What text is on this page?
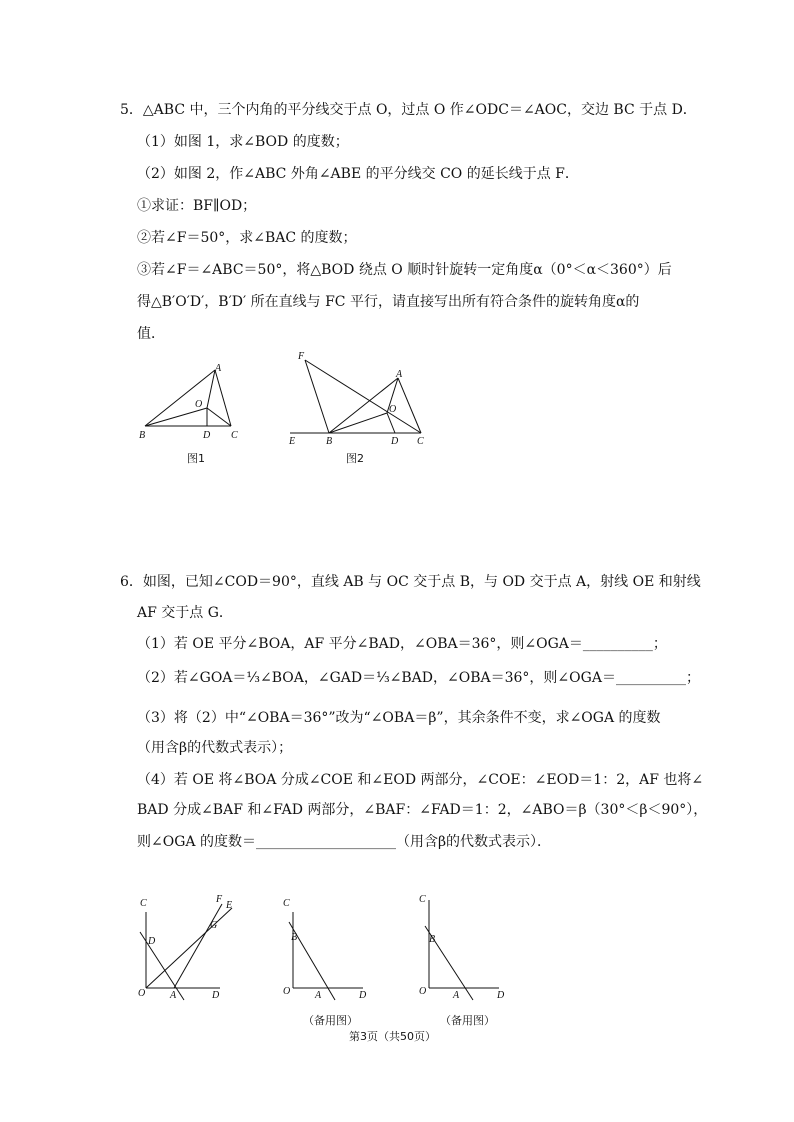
5．△ABC 中，三个内角的平分线交于点 O，过点 O 作∠ODC＝∠AOC，交边 BC 于点 D．
（1）如图 1，求∠BOD 的度数；
（2）如图 2，作∠ABC 外角∠ABE 的平分线交 CO 的延长线于点 F．
①求证：BF∥OD；
②若∠F＝50°，求∠BAC 的度数；
③若∠F＝∠ABC＝50°，将△BOD 绕点 O 顺时针旋转一定角度α（0°＜α＜360°）后
得△B′O′D′，B′D′ 所在直线与 FC 平行，请直接写出所有符合条件的旋转角度α的
值．
A
B	C
D
O
图1
F
A
E	B	D C
O
图2
6．如图，已知∠COD＝90°，直线 AB 与 OC 交于点 B，与 OD 交于点 A，射线 OE 和射线
AF 交于点 G．
（1）若 OE 平分∠BOA，AF 平分∠BAD，∠OBA＝36°，则∠OGA＝__________；
（2）若∠GOA＝⅓∠BOA，∠GAD＝⅓∠BAD，∠OBA＝36°，则∠OGA＝__________；
（3）将（2）中“∠OBA＝36°”改为“∠OBA＝β”，其余条件不变，求∠OGA 的度数
（用含β的代数式表示）；
（4）若 OE 将∠BOA 分成∠COE 和∠EOD 两部分，∠COE：∠EOD＝1：2，AF 也将∠
BAD 分成∠BAF 和∠FAD 两部分，∠BAF：∠FAD＝1：2，∠ABO＝β（30°＜β＜90°），
则∠OGA 的度数＝____________________（用含β的代数式表示）．
C	F
E
D
G
O A	D
C
B
O A	D
（备用图）
C
B
O	A	D
（备用图）
第3页（共50页）
